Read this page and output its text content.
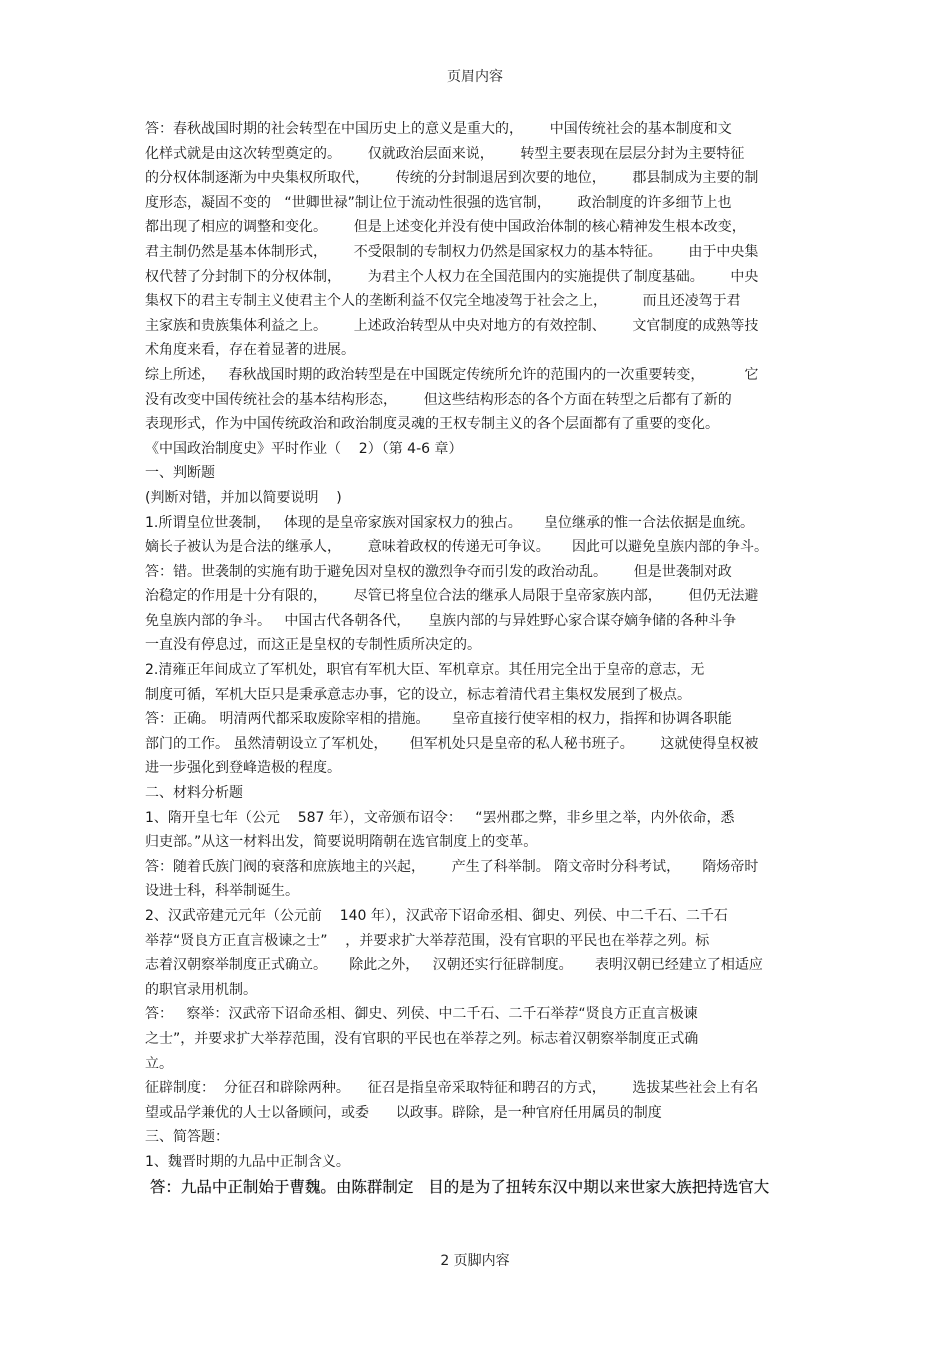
页眉内容
答：春秋战国时期的社会转型在中国历史上的意义是重大的，      中国传统社会的基本制度和文
化样式就是由这次转型奠定的。      仅就政治层面来说，      转型主要表现在层层分封为主要特征
的分权体制逐渐为中央集权所取代，      传统的分封制退居到次要的地位，      郡县制成为主要的制
度形态，凝固不变的   “世卿世禄”制让位于流动性很强的选官制，      政治制度的许多细节上也
都出现了相应的调整和变化。      但是上述变化并没有使中国政治体制的核心精神发生根本改变，
君主制仍然是基本体制形式，      不受限制的专制权力仍然是国家权力的基本特征。      由于中央集
权代替了分封制下的分权体制，      为君主个人权力在全国范围内的实施提供了制度基础。      中央
集权下的君主专制主义使君主个人的垄断利益不仅完全地凌驾于社会之上，        而且还凌驾于君
主家族和贵族集体利益之上。      上述政治转型从中央对地方的有效控制、      文官制度的成熟等技
术角度来看，存在着显著的进展。
综上所述，   春秋战国时期的政治转型是在中国既定传统所允许的范围内的一次重要转变，         它
没有改变中国传统社会的基本结构形态，      但这些结构形态的各个方面在转型之后都有了新的
表现形式，作为中国传统政治和政治制度灵魂的王权专制主义的各个层面都有了重要的变化。
《中国政治制度史》平时作业（    2）（第 4-6 章）
一、判断题
(判断对错，并加以简要说明    )
1.所谓皇位世袭制，   体现的是皇帝家族对国家权力的独占。     皇位继承的惟一合法依据是血统。
嫡长子被认为是合法的继承人，      意味着政权的传递无可争议。     因此可以避免皇族内部的争斗。
答：错。世袭制的实施有助于避免因对皇权的激烈争夺而引发的政治动乱。      但是世袭制对政
治稳定的作用是十分有限的，      尽管已将皇位合法的继承人局限于皇帝家族内部，      但仍无法避
免皇族内部的争斗。   中国古代各朝各代，    皇族内部的与异姓野心家合谋夺嫡争储的各种斗争
一直没有停息过，而这正是皇权的专制性质所决定的。
2.清雍正年间成立了军机处，职官有军机大臣、军机章京。其任用完全出于皇帝的意志，无
制度可循，军机大臣只是秉承意志办事，它的设立，标志着清代君主集权发展到了极点。
答：正确。 明清两代都采取废除宰相的措施。     皇帝直接行使宰相的权力，指挥和协调各职能
部门的工作。 虽然清朝设立了军机处，     但军机处只是皇帝的私人秘书班子。      这就使得皇权被
进一步强化到登峰造极的程度。
二、材料分析题
1、隋开皇七年（公元    587 年），文帝颁布诏令：   “罢州郡之弊，非乡里之举，内外依命，悉
归吏部。”从这一材料出发，简要说明隋朝在选官制度上的变革。
答：随着氏族门阀的衰落和庶族地主的兴起，      产生了科举制。 隋文帝时分科考试，     隋炀帝时
设进士科，科举制诞生。
2、汉武帝建元元年（公元前    140 年），汉武帝下诏命丞相、御史、列侯、中二千石、二千石
举荐“贤良方正直言极谏之士”    ，并要求扩大举荐范围，没有官职的平民也在举荐之列。标
志着汉朝察举制度正式确立。     除此之外，   汉朝还实行征辟制度。     表明汉朝已经建立了相适应
的职官录用机制。
答：   察举：汉武帝下诏命丞相、御史、列侯、中二千石、二千石举荐“贤良方正直言极谏
之士”，并要求扩大举荐范围，没有官职的平民也在举荐之列。标志着汉朝察举制度正式确
立。
征辟制度：  分征召和辟除两种。    征召是指皇帝采取特征和聘召的方式，      选拔某些社会上有名
望或品学兼优的人士以备顾问，或委      以政事。辟除，是一种官府任用属员的制度
三、简答题：
1、魏晋时期的九品中正制含义。
答：九品中正制始于曹魏。由陈群制定   目的是为了扭转东汉中期以来世家大族把持选官大
2 页脚内容
